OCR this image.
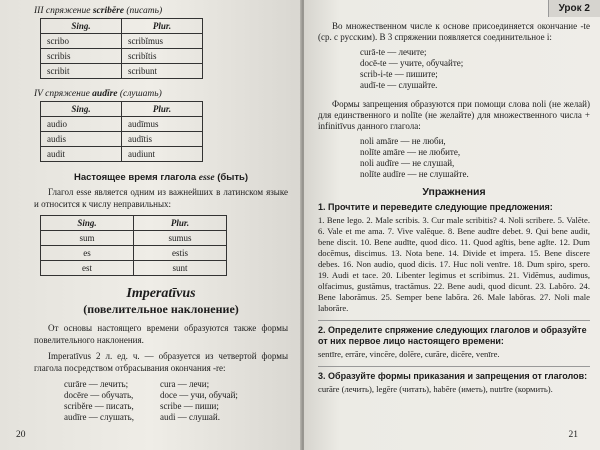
III спряжение scribĕre (писать)
Sing.	Plur.
scribo	scribĭmus
scribis	scribĭtis
scribit	scribunt
IV спряжение audīre (слушать)
Sing.	Plur.
audio	audīmus
audis	audītis
audit	audiunt
Настоящее время глагола esse (быть)

Глагол esse является одним из важнейших в латинском языке и относится к числу неправильных:

Sing.	Plur.
sum	sumus
es	estis
est	sunt
Imperatīvus
(повелительное наклонение)

От основы настоящего времени образуются также формы повелительного наклонения.

Imperatīvus 2 л. ед. ч. — образуется из четвертой формы глагола посредством отбрасывания окончания -re:

curāre — лечить;	cura — лечи;
docēre — обучать,	doce — учи, обучай;
scribĕre — писать,	scribe — пиши;
audīre — слушать,	audi — слушай.
20
Урок 2

Во множественном числе к основе присоединяется окончание -te (ср. с русским). В 3 спряжении появляется соединительное i:

curā-te — лечите;
docē-te — учите, обучайте;
scrib-i-te — пишите;
audī-te — слушайте.

Формы запрещения образуются при помощи слова noli (не желай) для единственного и nolīte (не желайте) для множественного числа + infinitīvus данного глагола:

noli amāre — не люби,
nolīte amāre — не любите,
noli audīre — не слушай,
nolīte audīre — не слушайте.
Упражнения
1. Прочтите и переведите следующие предложения:

1. Bene lego. 2. Male scribis. 3. Cur male scribitis? 4. Noli scribere. 5. Valēte. 6. Vale et me ama. 7. Vive valēque. 8. Bene audīre debet. 9. Qui bene audit, bene discit. 10. Bene audīte, quod dico. 11. Quod agĭtis, bene agĭte. 12. Dum docēmus, discimus. 13. Nota bene. 14. Divide et impera. 15. Bene discere debes. 16. Non audio, quod dicis. 17. Huc noli venīre. 18. Dum spiro, spero. 19. Audi et tace. 20. Libenter legimus et scribimus. 21. Vidēmus, audimus, olfacimus, gustāmus, tractāmus. 22. Bene audi, quod dicunt. 23. Labōro. 24. Bene laborāmus. 25. Semper bene labōra. 26. Male labōras. 27. Noli male laborāre.

2. Определите спряжение следующих глаголов и образуйте от них первое лицо настоящего времени:

sentīre, errāre, vincēre, dolēre, curāre, dicēre, venīre.

3. Образуйте формы приказания и запрещения от глаголов:

curāre (лечить), legĕre (читать), habēre (иметь), nutrīre (кормить).

21
